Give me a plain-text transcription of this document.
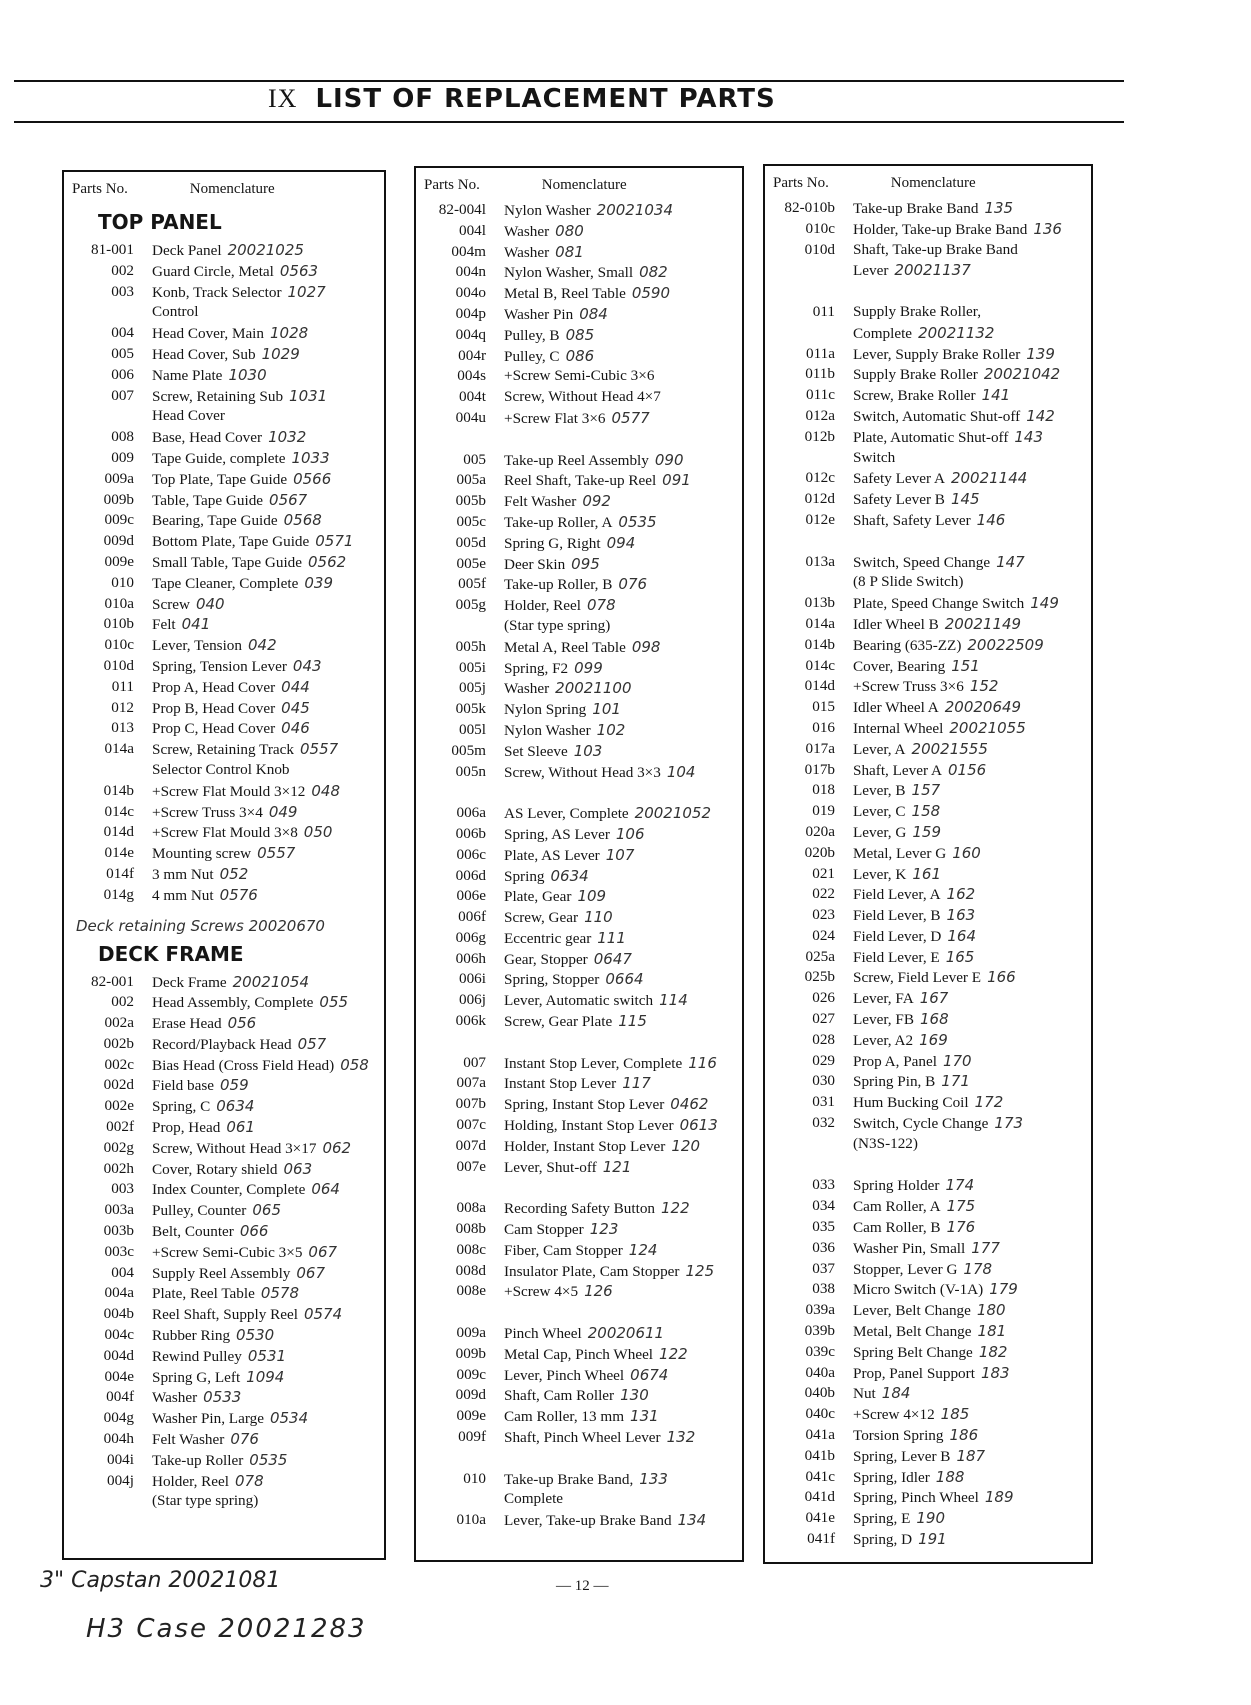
IX LIST OF REPLACEMENT PARTS
Parts No.	Nomenclature
TOP PANEL
81-001	Deck Panel 20021025
002	Guard Circle, Metal 0563
003	Konb, Track Selector 1027
Control
004	Head Cover, Main 1028
005	Head Cover, Sub 1029
006	Name Plate 1030
007	Screw, Retaining Sub 1031
Head Cover
008	Base, Head Cover 1032
009	Tape Guide, complete 1033
009a	Top Plate, Tape Guide 0566
009b	Table, Tape Guide 0567
009c	Bearing, Tape Guide 0568
009d	Bottom Plate, Tape Guide 0571
009e	Small Table, Tape Guide 0562
010	Tape Cleaner, Complete 039
010a	Screw 040
010b	Felt 041
010c	Lever, Tension 042
010d	Spring, Tension Lever 043
011	Prop A, Head Cover 044
012	Prop B, Head Cover 045
013	Prop C, Head Cover 046
014a	Screw, Retaining Track 0557
Selector Control Knob
014b	+Screw Flat Mould 3×12 048
014c	+Screw Truss 3×4 049
014d	+Screw Flat Mould 3×8 050
014e	Mounting screw 0557
014f	3 mm Nut 052
014g	4 mm Nut 0576
Deck retaining Screws 20020670
DECK FRAME
82-001	Deck Frame 20021054
002	Head Assembly, Complete 055
002a	Erase Head 056
002b	Record/Playback Head 057
002c	Bias Head (Cross Field Head) 058
002d	Field base 059
002e	Spring, C 0634
002f	Prop, Head 061
002g	Screw, Without Head 3×17 062
002h	Cover, Rotary shield 063
003	Index Counter, Complete 064
003a	Pulley, Counter 065
003b	Belt, Counter 066
003c	+Screw Semi-Cubic 3×5 067
004	Supply Reel Assembly 067
004a	Plate, Reel Table 0578
004b	Reel Shaft, Supply Reel 0574
004c	Rubber Ring 0530
004d	Rewind Pulley 0531
004e	Spring G, Left 1094
004f	Washer 0533
004g	Washer Pin, Large 0534
004h	Felt Washer 076
004i	Take-up Roller 0535
004j	Holder, Reel 078
(Star type spring)
Parts No.	Nomenclature
82-004l	Nylon Washer 20021034
004l	Washer 080
004m	Washer 081
004n	Nylon Washer, Small 082
004o	Metal B, Reel Table 0590
004p	Washer Pin 084
004q	Pulley, B 085
004r	Pulley, C 086
004s	+Screw Semi-Cubic 3×6
004t	Screw, Without Head 4×7
004u	+Screw Flat 3×6 0577
005	Take-up Reel Assembly 090
005a	Reel Shaft, Take-up Reel 091
005b	Felt Washer 092
005c	Take-up Roller, A 0535
005d	Spring G, Right 094
005e	Deer Skin 095
005f	Take-up Roller, B 076
005g	Holder, Reel 078
(Star type spring)
005h	Metal A, Reel Table 098
005i	Spring, F2 099
005j	Washer 20021100
005k	Nylon Spring 101
005l	Nylon Washer 102
005m	Set Sleeve 103
005n	Screw, Without Head 3×3 104
006a	AS Lever, Complete 20021052
006b	Spring, AS Lever 106
006c	Plate, AS Lever 107
006d	Spring 0634
006e	Plate, Gear 109
006f	Screw, Gear 110
006g	Eccentric gear 111
006h	Gear, Stopper 0647
006i	Spring, Stopper 0664
006j	Lever, Automatic switch 114
006k	Screw, Gear Plate 115
007	Instant Stop Lever, Complete 116
007a	Instant Stop Lever 117
007b	Spring, Instant Stop Lever 0462
007c	Holding, Instant Stop Lever 0613
007d	Holder, Instant Stop Lever 120
007e	Lever, Shut-off 121
008a	Recording Safety Button 122
008b	Cam Stopper 123
008c	Fiber, Cam Stopper 124
008d	Insulator Plate, Cam Stopper 125
008e	+Screw 4×5 126
009a	Pinch Wheel 20020611
009b	Metal Cap, Pinch Wheel 122
009c	Lever, Pinch Wheel 0674
009d	Shaft, Cam Roller 130
009e	Cam Roller, 13 mm 131
009f	Shaft, Pinch Wheel Lever 132
010	Take-up Brake Band, 133
Complete
010a	Lever, Take-up Brake Band 134
Parts No.	Nomenclature
82-010b	Take-up Brake Band 135
010c	Holder, Take-up Brake Band 136
010d	Shaft, Take-up Brake Band
Lever 20021137
011	Supply Brake Roller,
Complete 20021132
011a	Lever, Supply Brake Roller 139
011b	Supply Brake Roller 20021042
011c	Screw, Brake Roller 141
012a	Switch, Automatic Shut-off 142
012b	Plate, Automatic Shut-off 143
Switch
012c	Safety Lever A 20021144
012d	Safety Lever B 145
012e	Shaft, Safety Lever 146
013a	Switch, Speed Change 147
(8 P Slide Switch)
013b	Plate, Speed Change Switch 149
014a	Idler Wheel B 20021149
014b	Bearing (635-ZZ) 20022509
014c	Cover, Bearing 151
014d	+Screw Truss 3×6 152
015	Idler Wheel A 20020649
016	Internal Wheel 20021055
017a	Lever, A 20021555
017b	Shaft, Lever A 0156
018	Lever, B 157
019	Lever, C 158
020a	Lever, G 159
020b	Metal, Lever G 160
021	Lever, K 161
022	Field Lever, A 162
023	Field Lever, B 163
024	Field Lever, D 164
025a	Field Lever, E 165
025b	Screw, Field Lever E 166
026	Lever, FA 167
027	Lever, FB 168
028	Lever, A2 169
029	Prop A, Panel 170
030	Spring Pin, B 171
031	Hum Bucking Coil 172
032	Switch, Cycle Change 173
(N3S-122)
033	Spring Holder 174
034	Cam Roller, A 175
035	Cam Roller, B 176
036	Washer Pin, Small 177
037	Stopper, Lever G 178
038	Micro Switch (V-1A) 179
039a	Lever, Belt Change 180
039b	Metal, Belt Change 181
039c	Spring Belt Change 182
040a	Prop, Panel Support 183
040b	Nut 184
040c	+Screw 4×12 185
041a	Torsion Spring 186
041b	Spring, Lever B 187
041c	Spring, Idler 188
041d	Spring, Pinch Wheel 189
041e	Spring, E 190
041f	Spring, D 191
— 12 —
3" Capstan 20021081
H3 Case 20021283
